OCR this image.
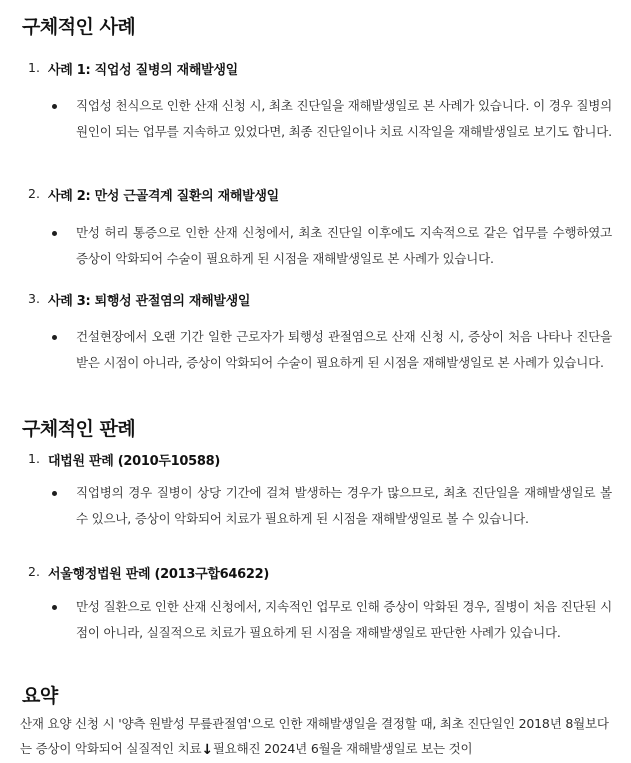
구체적인 사례
1. 사례 1: 직업성 질병의 재해발생일
직업성 천식으로 인한 산재 신청 시, 최초 진단일을 재해발생일로 본 사례가 있습니다. 이 경우 질병의 원인이 되는 업무를 지속하고 있었다면, 최종 진단일이나 치료 시작일을 재해발생일로 보기도 합니다.
2. 사례 2: 만성 근골격계 질환의 재해발생일
만성 허리 통증으로 인한 산재 신청에서, 최초 진단일 이후에도 지속적으로 같은 업무를 수행하였고 증상이 악화되어 수술이 필요하게 된 시점을 재해발생일로 본 사례가 있습니다.
3. 사례 3: 퇴행성 관절염의 재해발생일
건설현장에서 오랜 기간 일한 근로자가 퇴행성 관절염으로 산재 신청 시, 증상이 처음 나타나 진단을 받은 시점이 아니라, 증상이 악화되어 수술이 필요하게 된 시점을 재해발생일로 본 사례가 있습니다.
구체적인 판례
1. 대법원 판례 (2010두10588)
직업병의 경우 질병이 상당 기간에 걸쳐 발생하는 경우가 많으므로, 최초 진단일을 재해발생일로 볼 수 있으나, 증상이 악화되어 치료가 필요하게 된 시점을 재해발생일로 볼 수 있습니다.
2. 서울행정법원 판례 (2013구합64622)
만성 질환으로 인한 산재 신청에서, 지속적인 업무로 인해 증상이 악화된 경우, 질병이 처음 진단된 시점이 아니라, 실질적으로 치료가 필요하게 된 시점을 재해발생일로 판단한 사례가 있습니다.
요약
산재 요양 신청 시 '양측 원발성 무릎관절염'으로 인한 재해발생일을 결정할 때, 최초 진단일인 2018년 8월보다는 증상이 악화되어 실질적인 치료↓필요해진 2024년 6월을 재해발생일로 보는 것이
